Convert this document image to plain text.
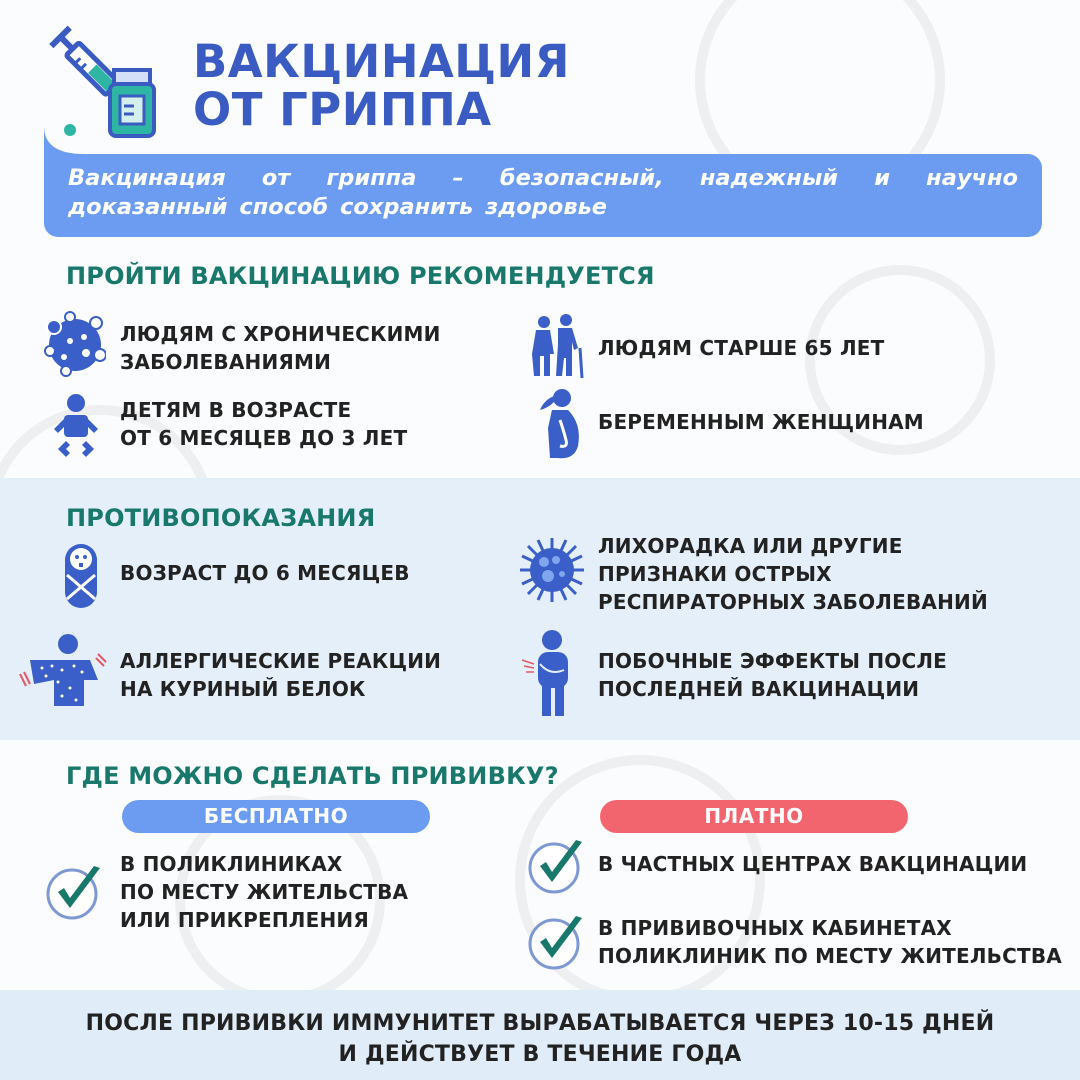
ВАКЦИНАЦИЯ
ОТ ГРИППА
Вакцинация от гриппа – безопасный, надежный и научно доказанный способ сохранить здоровье
ПРОЙТИ ВАКЦИНАЦИЮ РЕКОМЕНДУЕТСЯ
ЛЮДЯМ С ХРОНИЧЕСКИМИ
ЗАБОЛЕВАНИЯМИ
ЛЮДЯМ СТАРШЕ 65 ЛЕТ
ДЕТЯМ В ВОЗРАСТЕ
ОТ 6 МЕСЯЦЕВ ДО 3 ЛЕТ
БЕРЕМЕННЫМ ЖЕНЩИНАМ
ПРОТИВОПОКАЗАНИЯ
ВОЗРАСТ ДО 6 МЕСЯЦЕВ
ЛИХОРАДКА ИЛИ ДРУГИЕ
ПРИЗНАКИ ОСТРЫХ
РЕСПИРАТОРНЫХ ЗАБОЛЕВАНИЙ
АЛЛЕРГИЧЕСКИЕ РЕАКЦИИ
НА КУРИНЫЙ БЕЛОК
ПОБОЧНЫЕ ЭФФЕКТЫ ПОСЛЕ
ПОСЛЕДНЕЙ ВАКЦИНАЦИИ
ГДЕ МОЖНО СДЕЛАТЬ ПРИВИВКУ?
БЕСПЛАТНО	ПЛАТНО
В ПОЛИКЛИНИКАХ
ПО МЕСТУ ЖИТЕЛЬСТВА
ИЛИ ПРИКРЕПЛЕНИЯ
В ЧАСТНЫХ ЦЕНТРАХ ВАКЦИНАЦИИ
В ПРИВИВОЧНЫХ КАБИНЕТАХ
ПОЛИКЛИНИК ПО МЕСТУ ЖИТЕЛЬСТВА
ПОСЛЕ ПРИВИВКИ ИММУНИТЕТ ВЫРАБАТЫВАЕТСЯ ЧЕРЕЗ 10-15 ДНЕЙ
И ДЕЙСТВУЕТ В ТЕЧЕНИЕ ГОДА
